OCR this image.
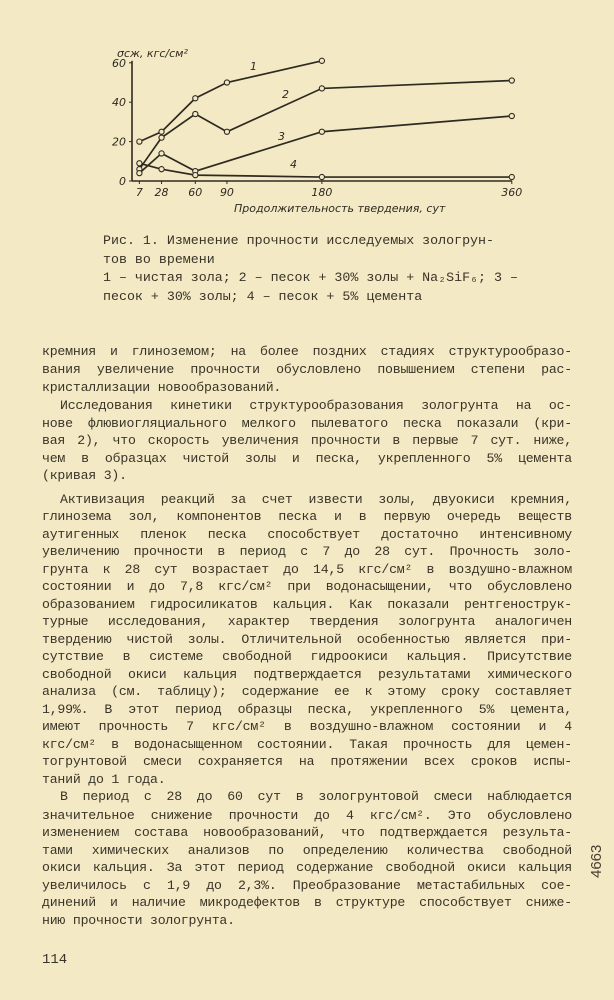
0
20
40
60
7 28 60 90	180	360
σсж, кгс/см²
Продолжительность твердения, сут
1
2
3
4
Рис. 1. Изменение прочности исследуемых зологрун-
тов во времени
1 – чистая зола; 2 – песок + 30% золы + Na₂SiF₆; 3 –
песок + 30% золы; 4 – песок + 5% цемента
кремния и глиноземом; на более поздних стадиях структурообразо-
вания увеличение прочности обусловлено повышением степени рас-
кристаллизации новообразований.
Исследования кинетики структурообразования зологрунта на ос-
нове флювиогляциального мелкого пылеватого песка показали (кри-
вая 2), что скорость увеличения прочности в первые 7 сут. ниже,
чем в образцах чистой золы и песка, укрепленного 5% цемента
(кривая 3).
Активизация реакций за счет извести золы, двуокиси кремния,
глинозема зол, компонентов песка и в первую очередь веществ
аутигенных пленок песка способствует достаточно интенсивному
увеличению прочности в период с 7 до 28 сут. Прочность золо-
грунта к 28 сут возрастает до 14,5 кгс/см² в воздушно-влажном
состоянии и до 7,8 кгс/см² при водонасыщении, что обусловлено
образованием гидросиликатов кальция. Как показали рентгенострук-
турные исследования, характер твердения зологрунта аналогичен
твердению чистой золы. Отличительной особенностью является при-
сутствие в системе свободной гидроокиси кальция. Присутствие
свободной окиси кальция подтверждается результатами химического
анализа (см. таблицу); содержание ее к этому сроку составляет
1,99%. В этот период образцы песка, укрепленного 5% цемента,
имеют прочность 7 кгс/см² в воздушно-влажном состоянии и 4
кгс/см² в водонасыщенном состоянии. Такая прочность для цемен-
тогрунтовой смеси сохраняется на протяжении всех сроков испы-
таний до 1 года.
В период с 28 до 60 сут в зологрунтовой смеси наблюдается
значительное снижение прочности до 4 кгс/см². Это обусловлено
изменением состава новообразований, что подтверждается результа-
тами химических анализов по определению количества свободной
окиси кальция. За этот период содержание свободной окиси кальция
увеличилось с 1,9 до 2,3%. Преобразование метастабильных сое-
динений и наличие микродефектов в структуре способствует сниже-
нию прочности зологрунта.
114
4663
